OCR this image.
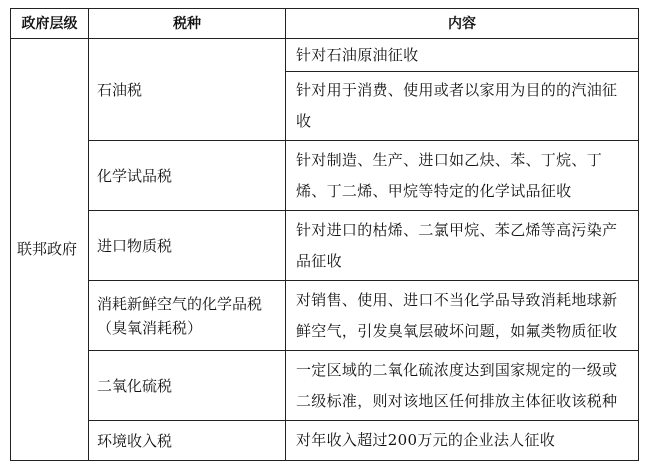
政府层级	税种	内容
联邦政府	石油税	针对石油原油征收
		针对用于消费、使用或者以家用为目的的汽油征收
	化学试品税	针对制造、生产、进口如乙炔、苯、丁烷、丁烯、丁二烯、甲烷等特定的化学试品征收
	进口物质税	针对进口的枯烯、二氯甲烷、苯乙烯等高污染产品征收
	消耗新鲜空气的化学品税（臭氧消耗税）	对销售、使用、进口不当化学品导致消耗地球新鲜空气，引发臭氧层破坏问题，如氟类物质征收
	二氧化硫税	一定区域的二氧化硫浓度达到国家规定的一级或二级标准，则对该地区任何排放主体征收该税种
	环境收入税	对年收入超过200万元的企业法人征收
